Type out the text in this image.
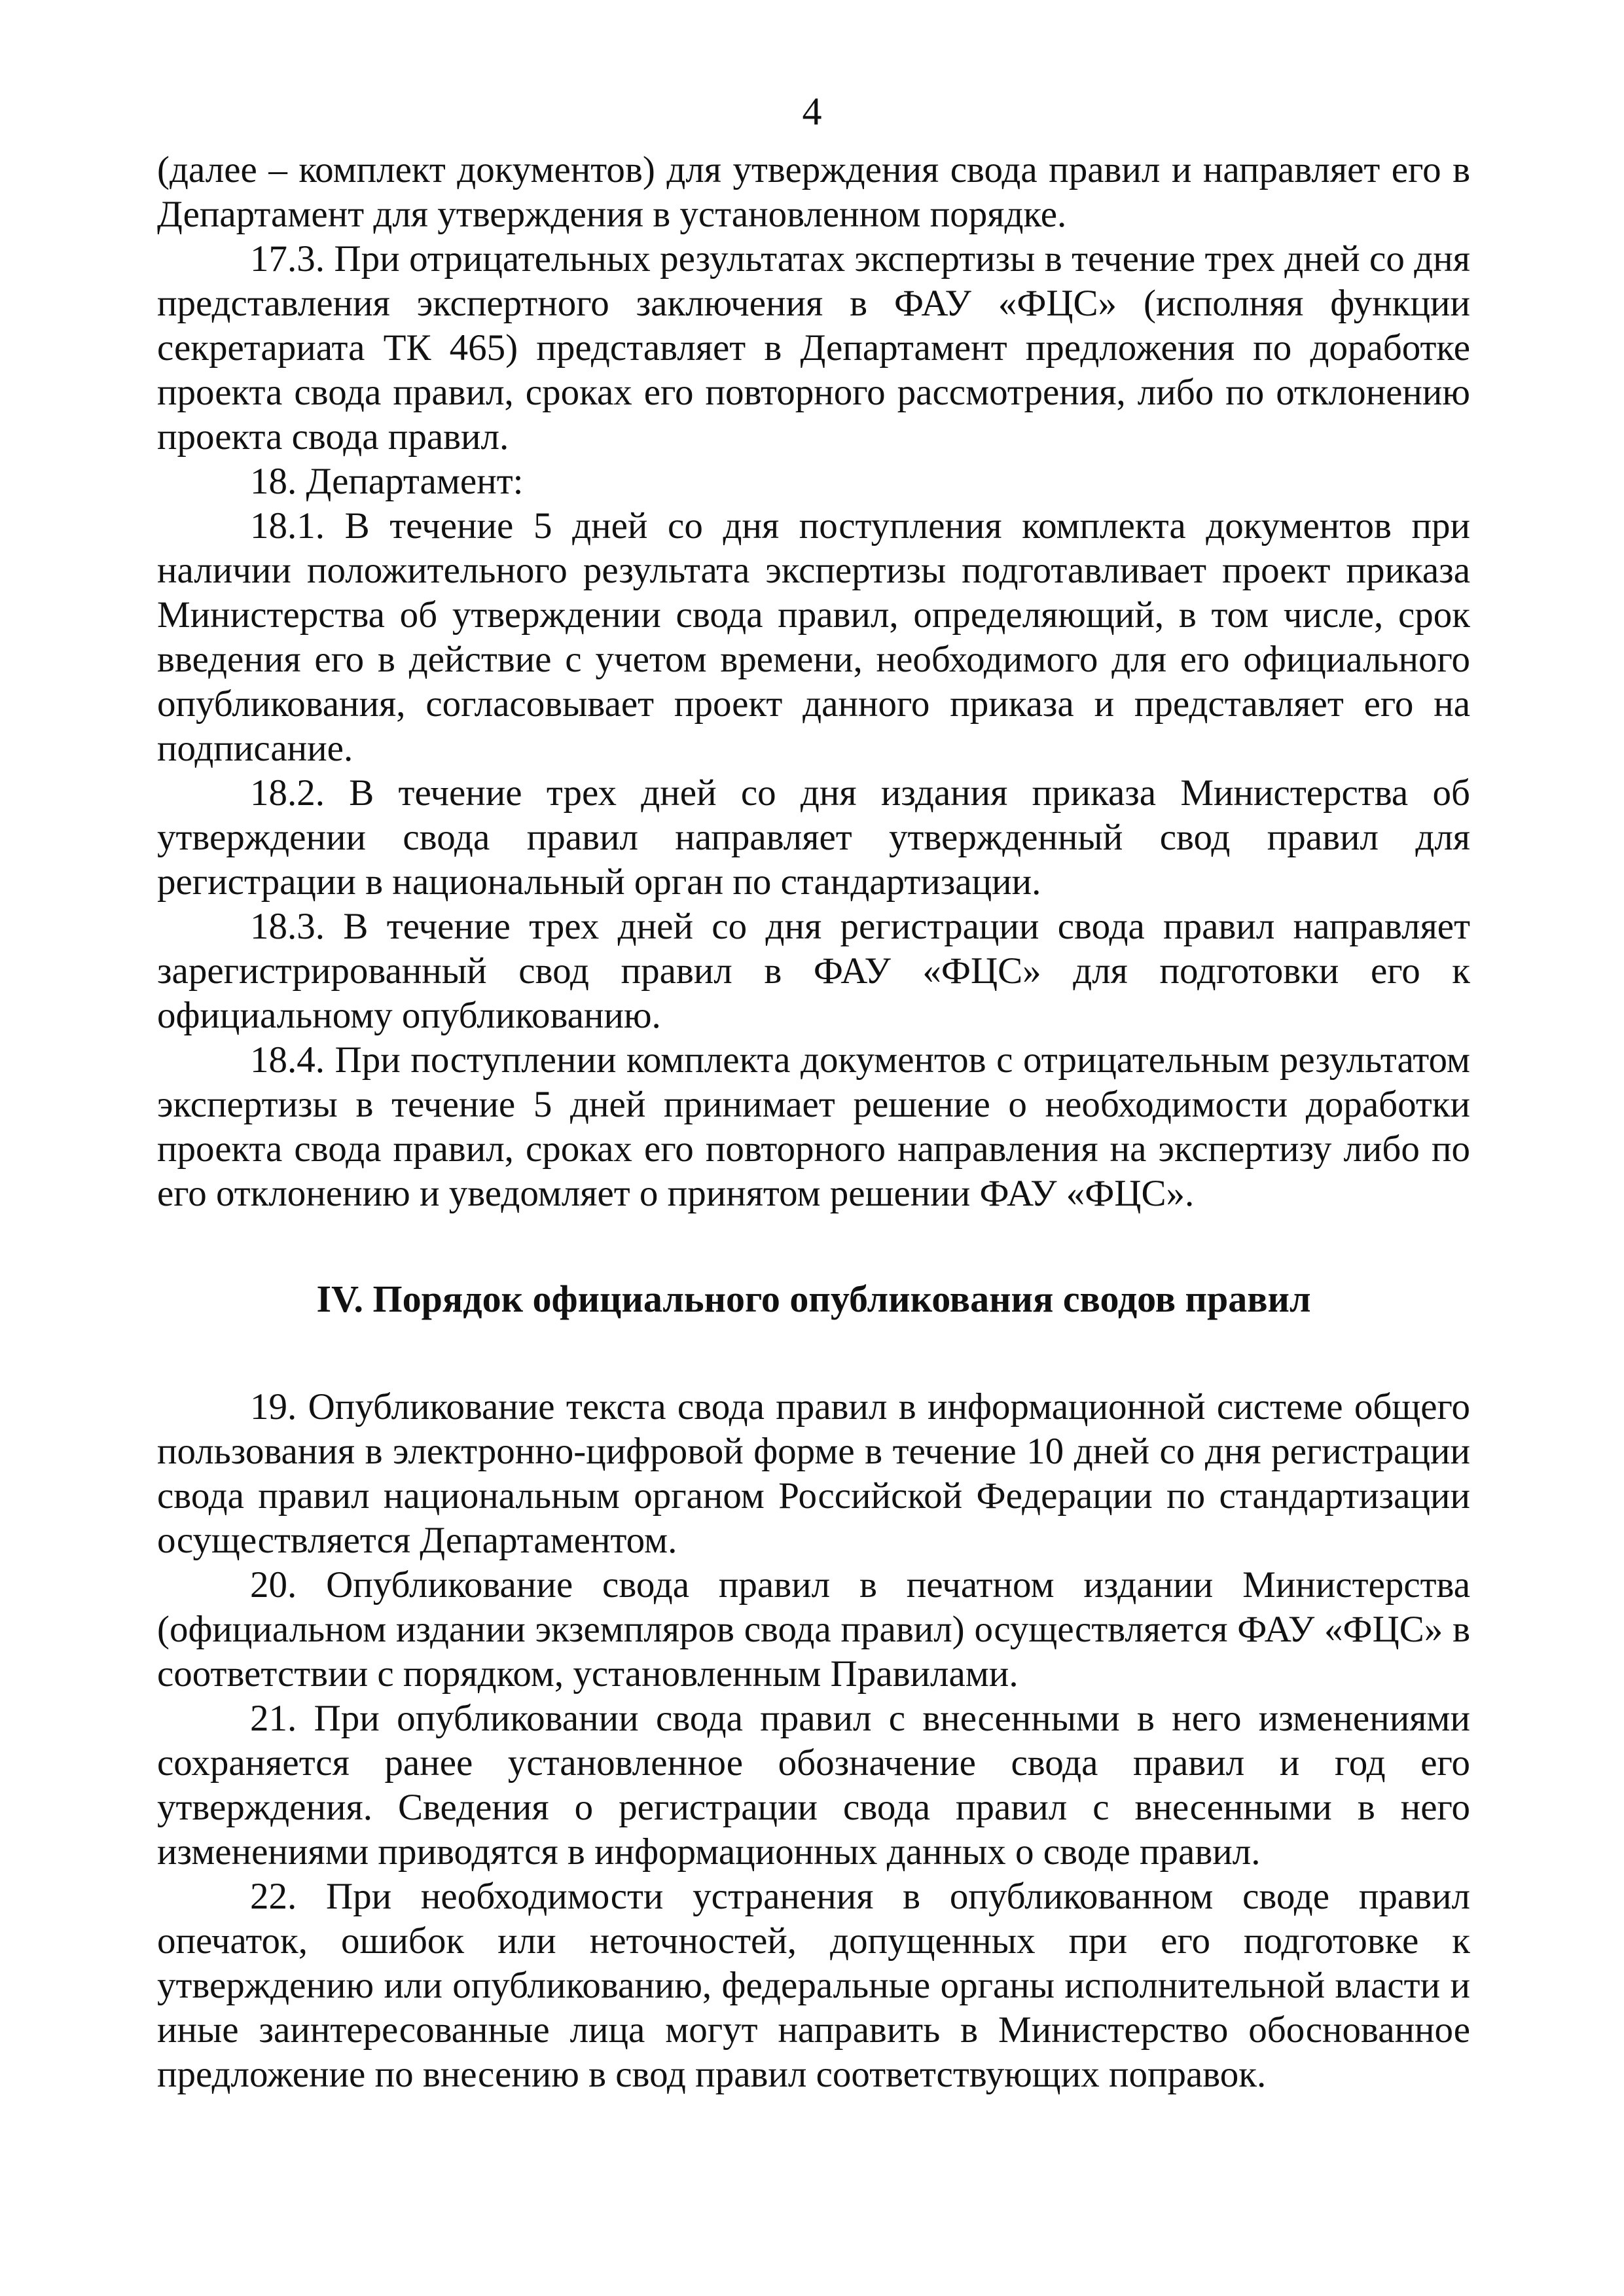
4

(далее – комплект документов) для утверждения свода правил и направляет его в Департамент для утверждения в установленном порядке.

17.3. При отрицательных результатах экспертизы в течение трех дней со дня представления экспертного заключения в ФАУ «ФЦС» (исполняя функции секретариата ТК 465) представляет в Департамент предложения по доработке проекта свода правил, сроках его повторного рассмотрения, либо по отклонению проекта свода правил.

18. Департамент:

18.1. В течение 5 дней со дня поступления комплекта документов при наличии положительного результата экспертизы подготавливает проект приказа Министерства об утверждении свода правил, определяющий, в том числе, срок введения его в действие с учетом времени, необходимого для его официального опубликования, согласовывает проект данного приказа и представляет его на подписание.

18.2. В течение трех дней со дня издания приказа Министерства об утверждении свода правил направляет утвержденный свод правил для регистрации в национальный орган по стандартизации.

18.3. В течение трех дней со дня регистрации свода правил направляет зарегистрированный свод правил в ФАУ «ФЦС» для подготовки его к официальному опубликованию.

18.4. При поступлении комплекта документов с отрицательным результатом экспертизы в течение 5 дней принимает решение о необходимости доработки проекта свода правил, сроках его повторного направления на экспертизу либо по его отклонению и уведомляет о принятом решении ФАУ «ФЦС».

IV. Порядок официального опубликования сводов правил

19. Опубликование текста свода правил в информационной системе общего пользования в электронно-цифровой форме в течение 10 дней со дня регистрации свода правил национальным органом Российской Федерации по стандартизации осуществляется Департаментом.

20. Опубликование свода правил в печатном издании Министерства (официальном издании экземпляров свода правил) осуществляется ФАУ «ФЦС» в соответствии с порядком, установленным Правилами.

21. При опубликовании свода правил с внесенными в него изменениями сохраняется ранее установленное обозначение свода правил и год его утверждения. Сведения о регистрации свода правил с внесенными в него изменениями приводятся в информационных данных о своде правил.

22. При необходимости устранения в опубликованном своде правил опечаток, ошибок или неточностей, допущенных при его подготовке к утверждению или опубликованию, федеральные органы исполнительной власти и иные заинтересованные лица могут направить в Министерство обоснованное предложение по внесению в свод правил соответствующих поправок.
